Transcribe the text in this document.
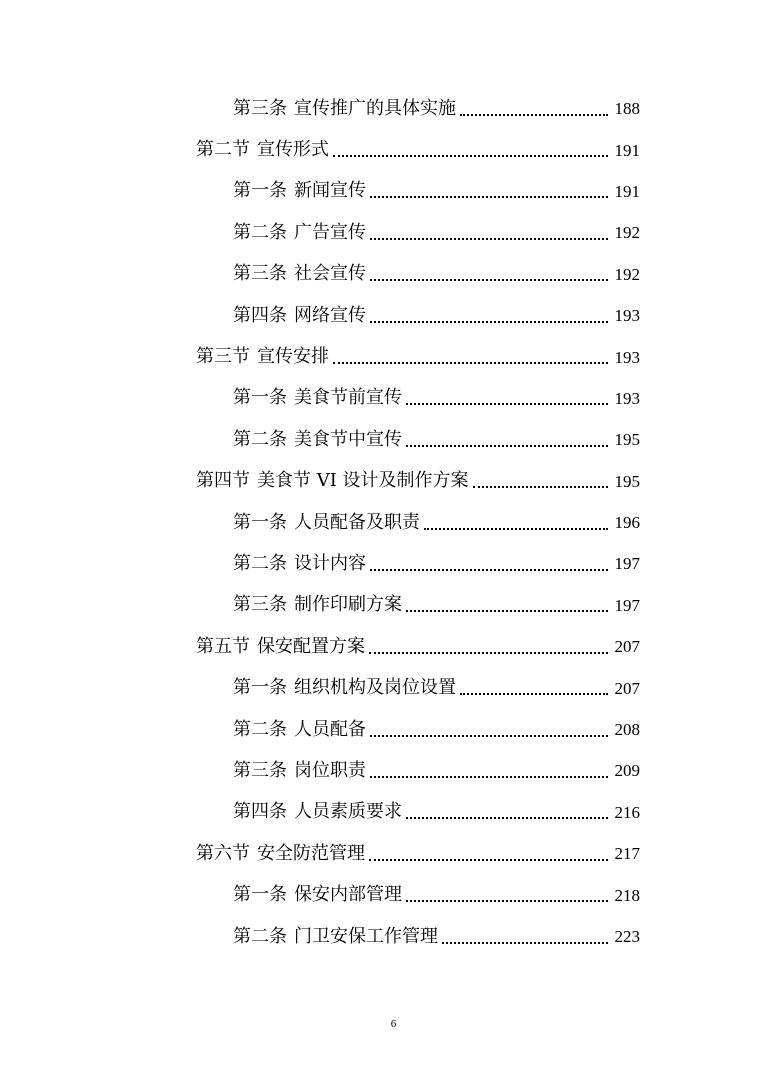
第三条 宣传推广的具体实施	188
第二节 宣传形式	191
第一条 新闻宣传	191
第二条 广告宣传	192
第三条 社会宣传	192
第四条 网络宣传	193
第三节 宣传安排	193
第一条 美食节前宣传	193
第二条 美食节中宣传	195
第四节 美食节 VI 设计及制作方案	195
第一条 人员配备及职责	196
第二条 设计内容	197
第三条 制作印刷方案	197
第五节 保安配置方案	207
第一条 组织机构及岗位设置	207
第二条 人员配备	208
第三条 岗位职责	209
第四条 人员素质要求	216
第六节 安全防范管理	217
第一条 保安内部管理	218
第二条 门卫安保工作管理	223
6
